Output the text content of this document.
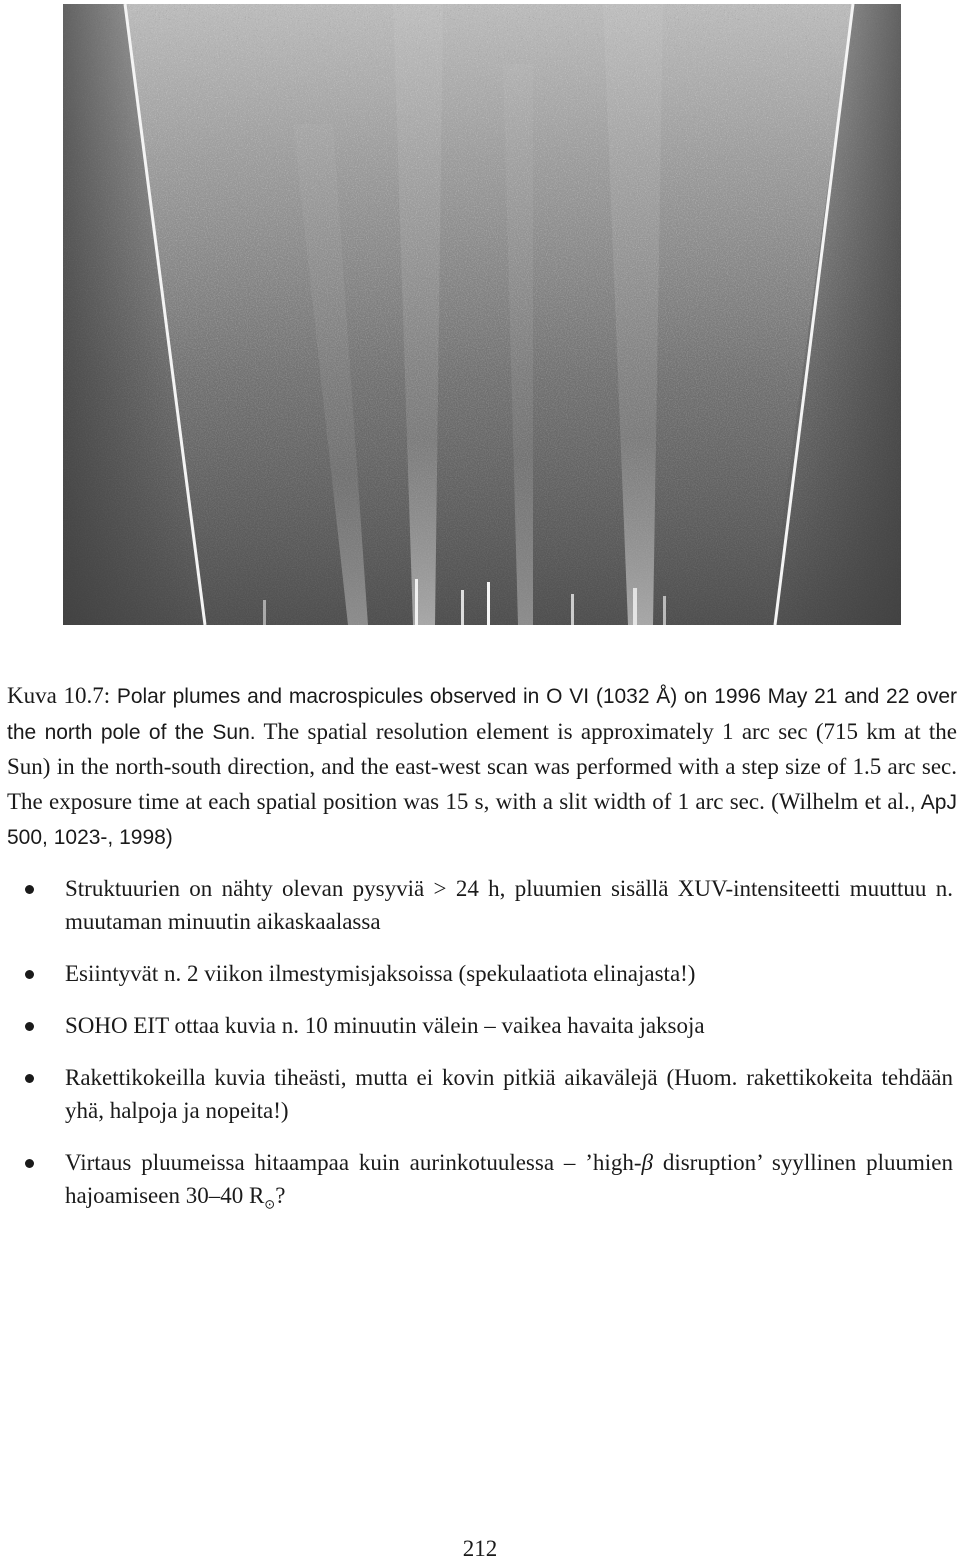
Kuva 10.7: Polar plumes and macrospicules observed in O VI (1032 Å) on 1996 May 21 and 22 over the north pole of the Sun. The spatial resolution element is approximately 1 arc sec (715 km at the Sun) in the north-south direction, and the east-west scan was performed with a step size of 1.5 arc sec. The exposure time at each spatial position was 15 s, with a slit width of 1 arc sec. (Wilhelm et al., ApJ 500, 1023-, 1998)
Struktuurien on nähty olevan pysyviä > 24 h, pluumien sisällä XUV-intensiteetti muuttuu n. muutaman minuutin aikaskaalassa
Esiintyvät n. 2 viikon ilmestymisjaksoissa (spekulaatiota elinajasta!)
SOHO EIT ottaa kuvia n. 10 minuutin välein – vaikea havaita jaksoja
Rakettikokeilla kuvia tiheästi, mutta ei kovin pitkiä aikavälejä (Huom. rakettikokeita tehdään yhä, halpoja ja nopeita!)
Virtaus pluumeissa hitaampaa kuin aurinkotuulessa – ’high-β disruption’ syyllinen pluumien hajoamiseen 30–40 $R_⊙$?
212
